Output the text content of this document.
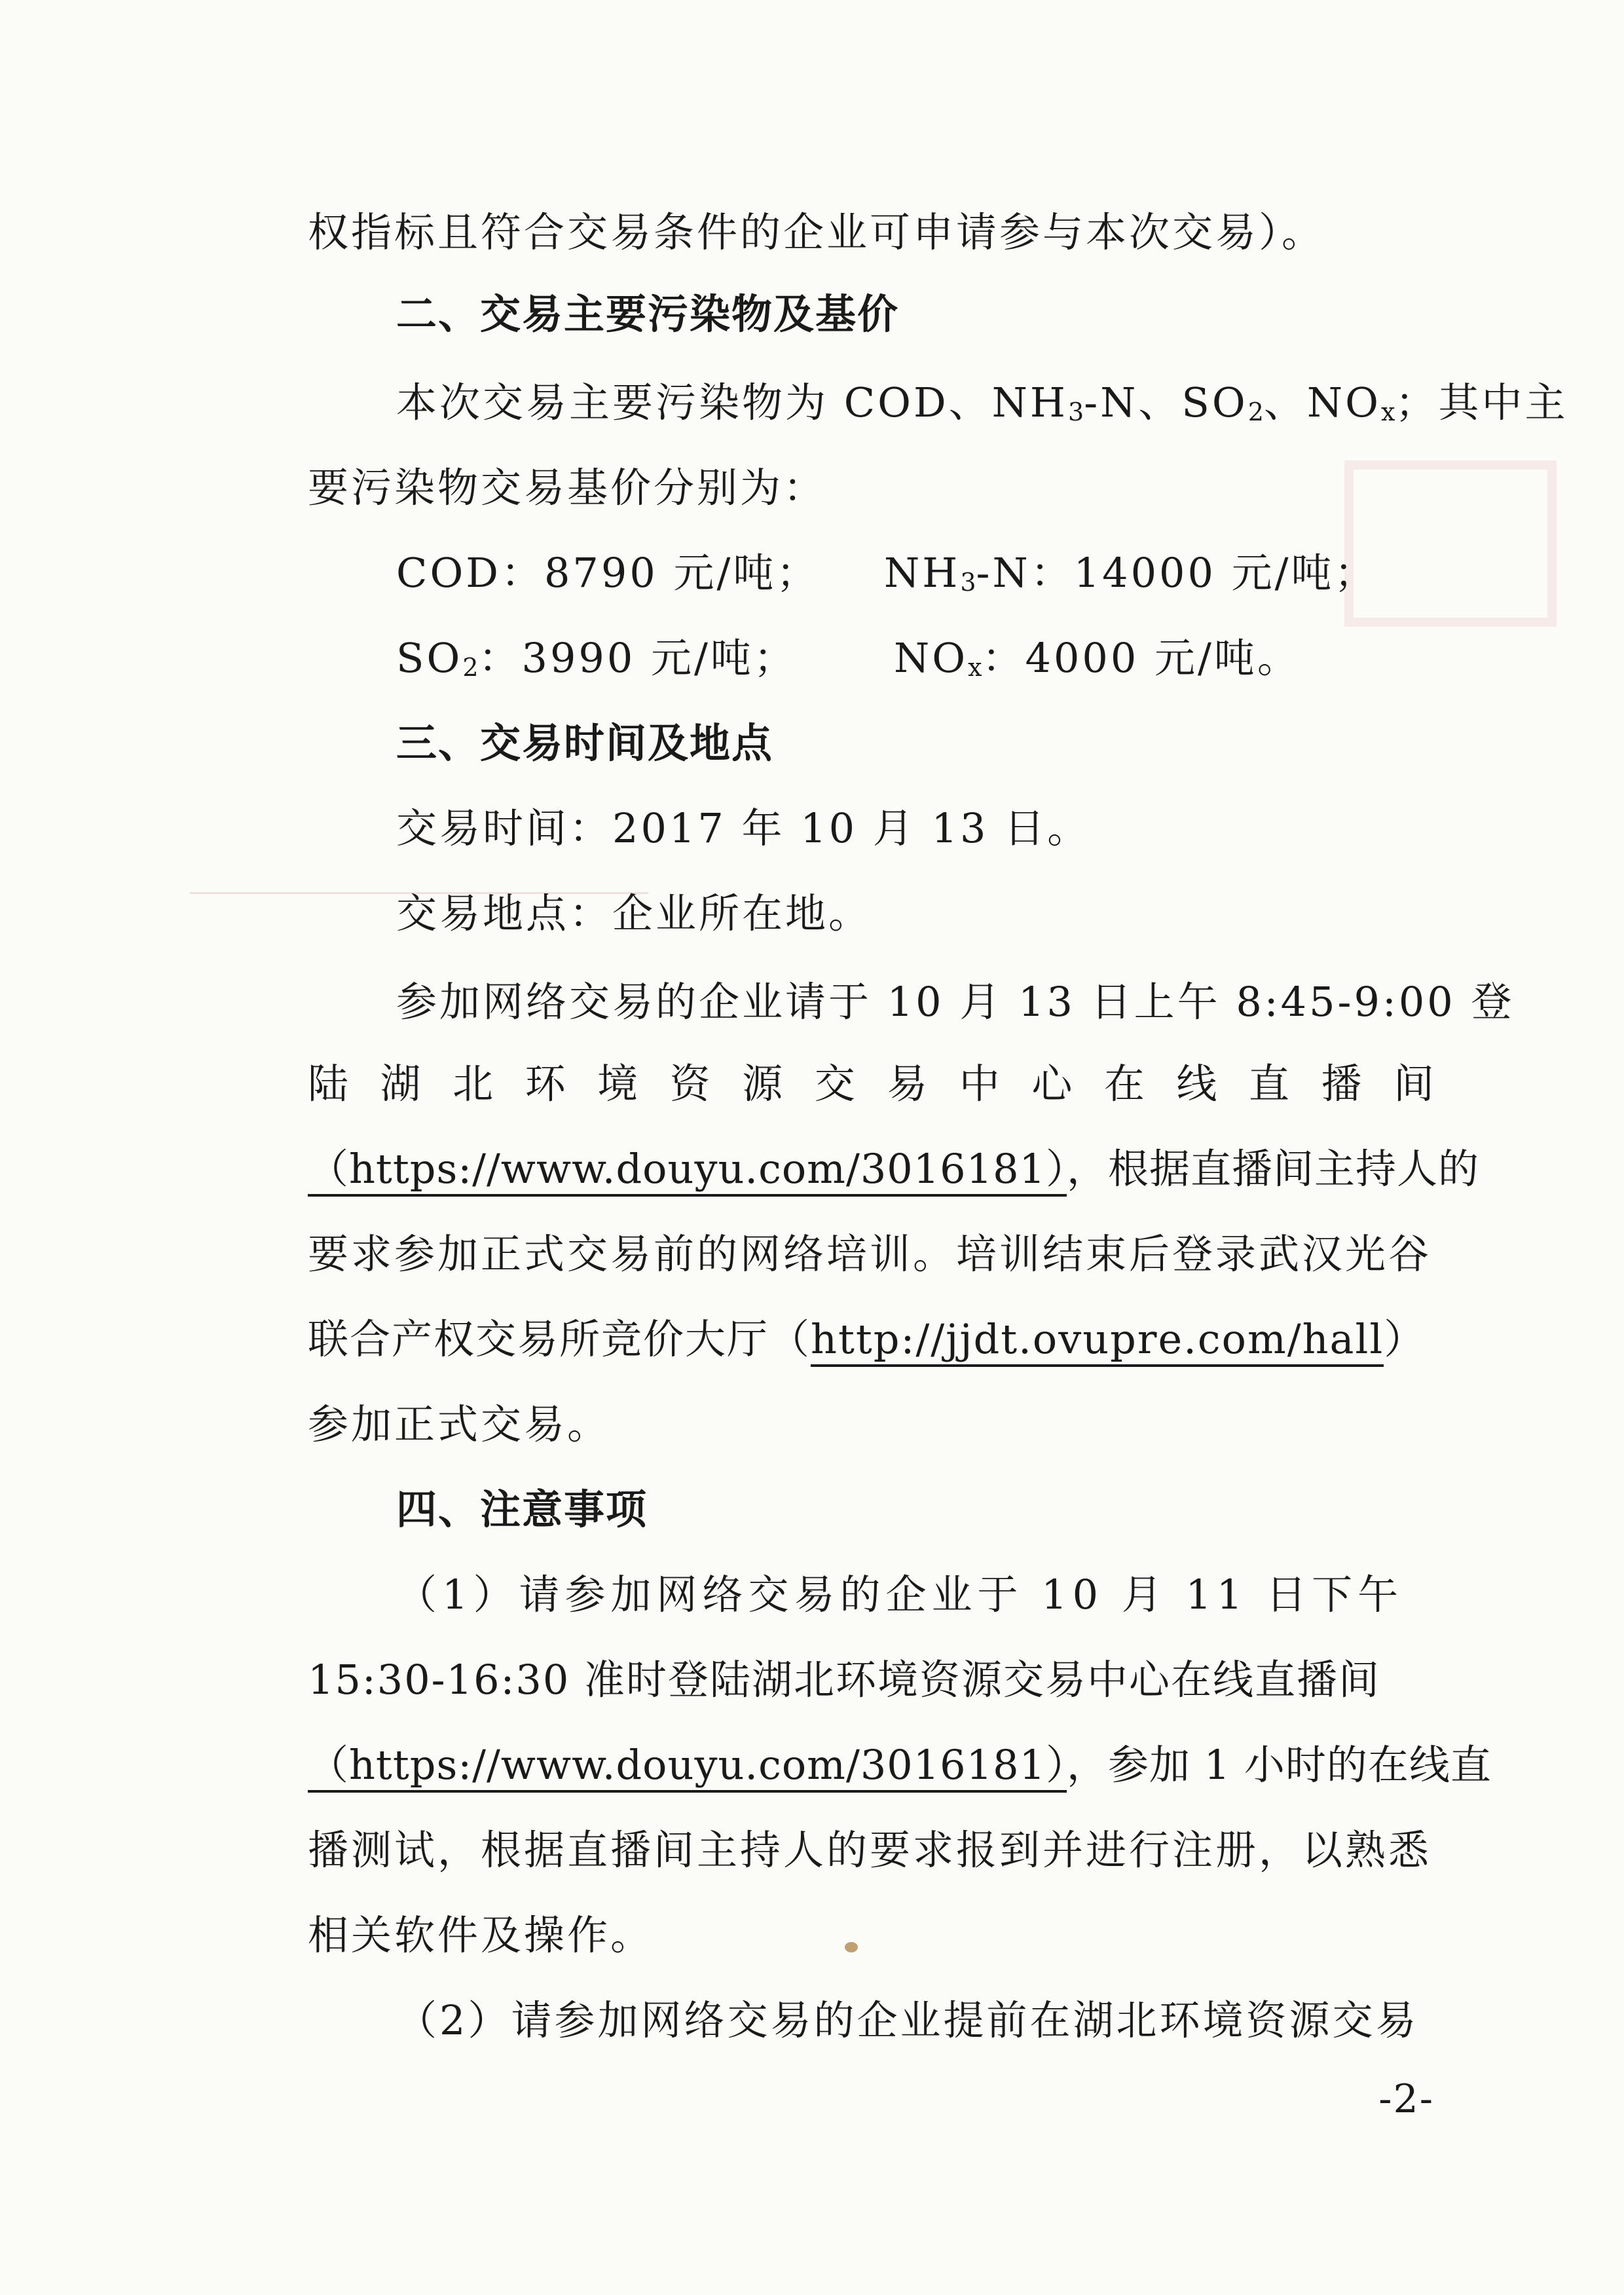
权指标且符合交易条件的企业可申请参与本次交易）。
二、交易主要污染物及基价
本次交易主要污染物为 COD、$NH_3-N$、$SO_2$、$NO_x$；其中主
要污染物交易基价分别为：
COD：8790 元/吨； $NH_3-N$：14000 元/吨；
$SO_2$：3990 元/吨； $NO_x$：4000 元/吨。
三、交易时间及地点
交易时间：2017 年 10 月 13 日。
交易地点：企业所在地。
参加网络交易的企业请于 10 月 13 日上午 8:45-9:00 登
陆 湖 北 环 境 资 源 交 易 中 心 在 线 直 播 间
（https://www.douyu.com/3016181），根据直播间主持人的
要求参加正式交易前的网络培训。培训结束后登录武汉光谷
联合产权交易所竞价大厅（http://jjdt.ovupre.com/hall）
参加正式交易。
四、注意事项
（1）请参加网络交易的企业于 10 月 11 日下午
15:30-16:30 准时登陆湖北环境资源交易中心在线直播间
（https://www.douyu.com/3016181），参加 1 小时的在线直
播测试，根据直播间主持人的要求报到并进行注册，以熟悉
相关软件及操作。
（2）请参加网络交易的企业提前在湖北环境资源交易
-2-
